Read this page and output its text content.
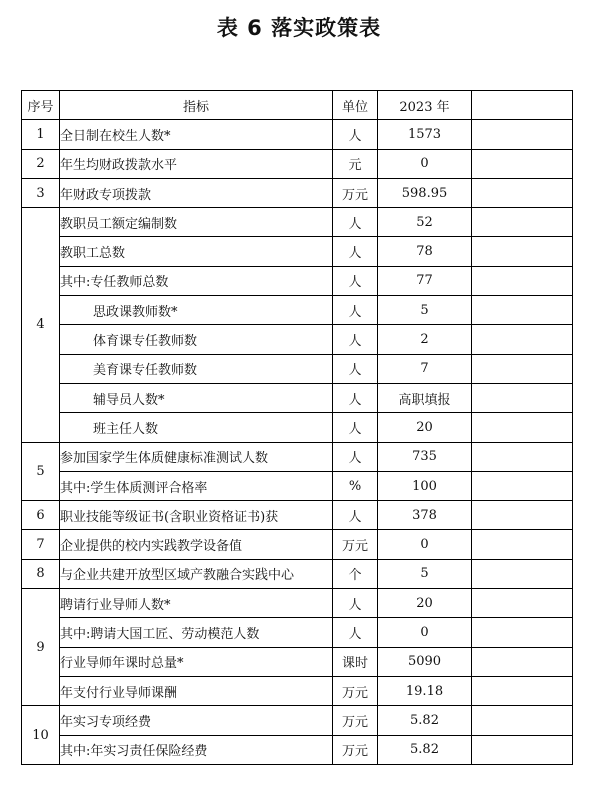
表 6 落实政策表
序号	指标	单位	2023 年	
1	全日制在校生人数*	人	1573	
2	年生均财政拨款水平	元	0	
3	年财政专项拨款	万元	598.95	
4	教职员工额定编制数	人	52	
	教职工总数	人	78	
	其中:专任教师总数	人	77	
	思政课教师数*	人	5	
	体育课专任教师数	人	2	
	美育课专任教师数	人	7	
	辅导员人数*	人	高职填报	
	班主任人数	人	20	
5	参加国家学生体质健康标准测试人数	人	735	
	其中:学生体质测评合格率	%	100	
6	职业技能等级证书(含职业资格证书)获	人	378	
7	企业提供的校内实践教学设备值	万元	0	
8	与企业共建开放型区域产教融合实践中心	个	5	
9	聘请行业导师人数*	人	20	
	其中:聘请大国工匠、劳动模范人数	人	0	
	行业导师年课时总量*	课时	5090	
	年支付行业导师课酬	万元	19.18	
10	年实习专项经费	万元	5.82	
	其中:年实习责任保险经费	万元	5.82	
